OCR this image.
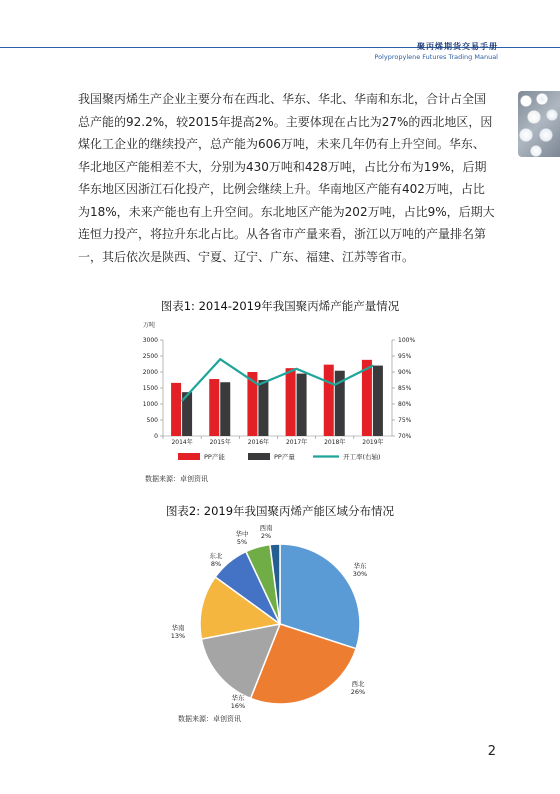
聚丙烯期货交易手册
Polypropylene Futures Trading Manual

我国聚丙烯生产企业主要分布在西北、华东、华北、华南和东北，合计占全国总产能的92.2%，较2015年提高2%。主要体现在占比为27%的西北地区，因煤化工企业的继续投产，总产能为606万吨，未来几年仍有上升空间。华东、华北地区产能相差不大，分别为430万吨和428万吨，占比分布为19%，后期华东地区因浙江石化投产，比例会继续上升。华南地区产能有402万吨，占比为18%，未来产能也有上升空间。东北地区产能为202万吨，占比9%，后期大连恒力投产，将拉升东北占比。从各省市产量来看，浙江以万吨的产量排名第一，其后依次是陕西、宁夏、辽宁、广东、福建、江苏等省市。

图表1: 2014-2019年我国聚丙烯产能产量情况
万吨
0
500
1000
1500
2000
2500
3000
70%
75%
80%
85%
90%
95%
100%
2014年	2015年	2016年	2017年	2018年	2019年
PP产能	PP产量	开工率(右轴)
数据来源：卓创资讯
图表2: 2019年我国聚丙烯产能区域分布情况
华东
30%
西北
26%
华东
16%
华南
13%
东北
8%
华中
5%
西南
2%
数据来源：卓创资讯
2
